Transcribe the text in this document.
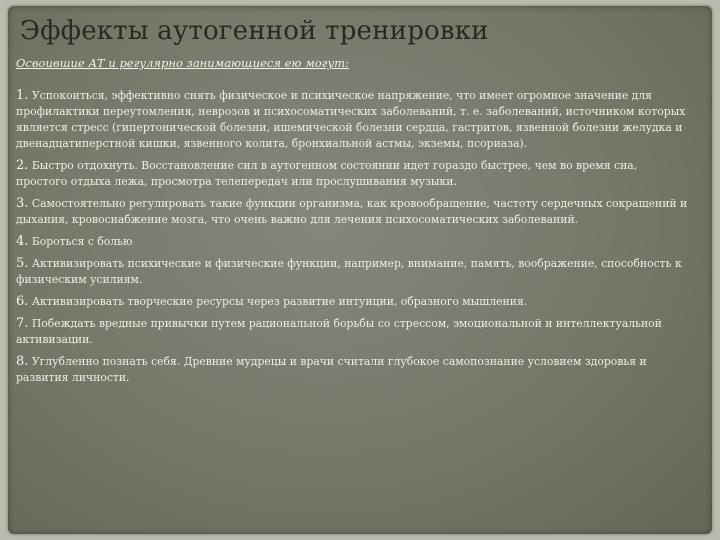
Эффекты аутогенной тренировки

Освоившие АТ и регулярно занимающиеся ею могут:

1. Успокоиться, эффективно снять физическое и психическое напряжение, что имеет огромное значение для профилактики переутомления, неврозов и психосоматических заболеваний, т. е. заболеваний, источником которых является стресс (гипертонической болезни, ишемической болезни сердца, гастритов, язвенной болезни желудка и двенадцатиперстной кишки, язвенного колита, бронхиальной астмы, экземы, псориаза).
2. Быстро отдохнуть. Восстановление сил в аутогенном состоянии идет гораздо быстрее, чем во время сна, простого отдыха лежа, просмотра телепередач или прослушивания музыки.
3. Самостоятельно регулировать такие функции организма, как кровообращение, частоту сердечных сокращений и дыхания, кровоснабжение мозга, что очень важно для лечения психосоматических заболеваний.
4. Бороться с болью
5. Активизировать психические и физические функции, например, внимание, память, воображение, способность к физическим усилиям.
6. Активизировать творческие ресурсы через развитие интуиции, образного мышления.
7. Побеждать вредные привычки путем рациональной борьбы со стрессом, эмоциональной и интеллектуальной активизации.
8. Углубленно познать себя. Древние мудрецы и врачи считали глубокое самопознание условием здоровья и развития личности.
